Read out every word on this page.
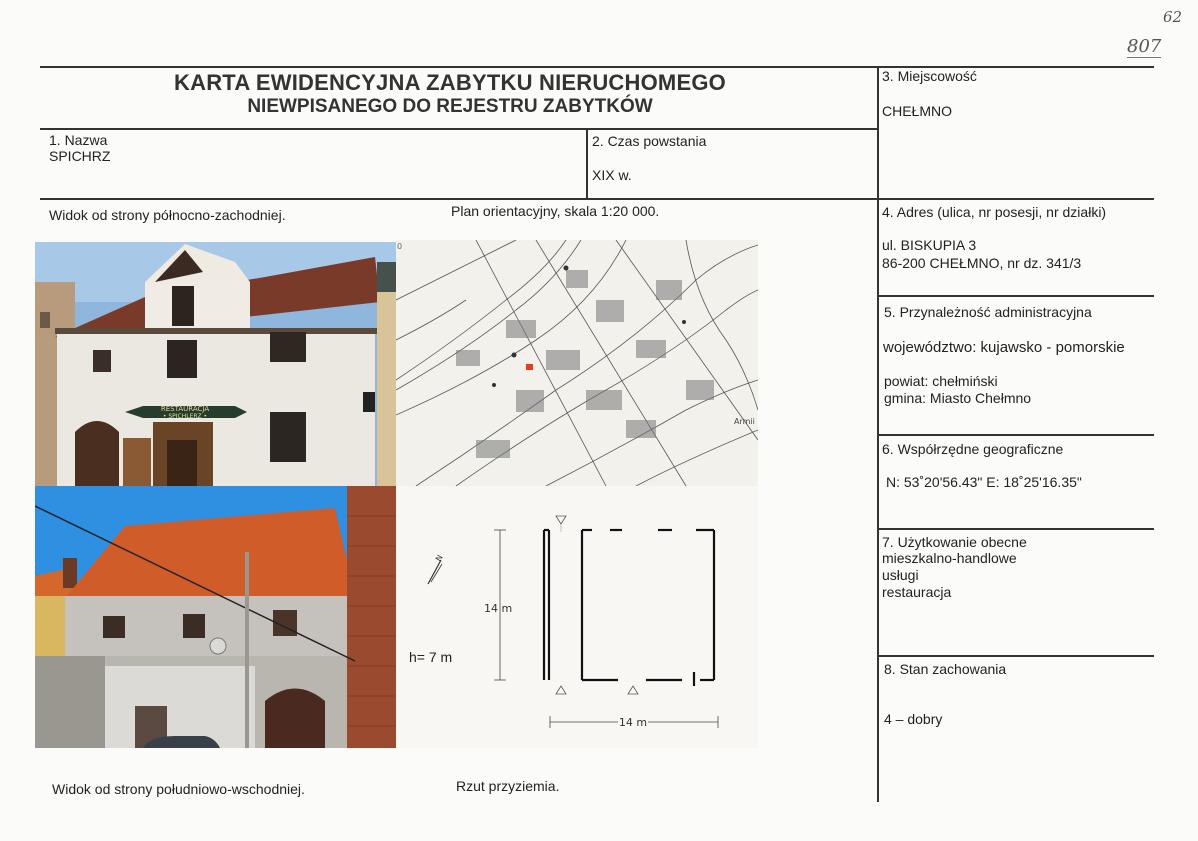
62
807
KARTA EWIDENCYJNA ZABYTKU NIERUCHOMEGO
NIEWPISANEGO DO REJESTRU ZABYTKÓW
1. Nazwa
SPICHRZ
2. Czas powstania
XIX w.
3. Miejscowość
CHEŁMNO
4. Adres (ulica, nr posesji, nr działki)
ul. BISKUPIA 3
86-200 CHEŁMNO, nr dz. 341/3
5. Przynależność administracyjna
województwo: kujawsko - pomorskie
powiat: chełmiński
gmina: Miasto Chełmno
6. Współrzędne geograficzne
N: 53˚20'56.43" E: 18˚25'16.35"
7. Użytkowanie obecne
mieszkalno-handlowe
usługi
restauracja
8. Stan zachowania
4 – dobry
Widok od strony północno-zachodniej.	Plan orientacyjny, skala 1:20 000.
Widok od strony południowo-wschodniej.	Rzut przyziemia.
RESTAURACJA
• SPICHLERZ •
0
Armii
N
14 m
h= 7 m
14 m
